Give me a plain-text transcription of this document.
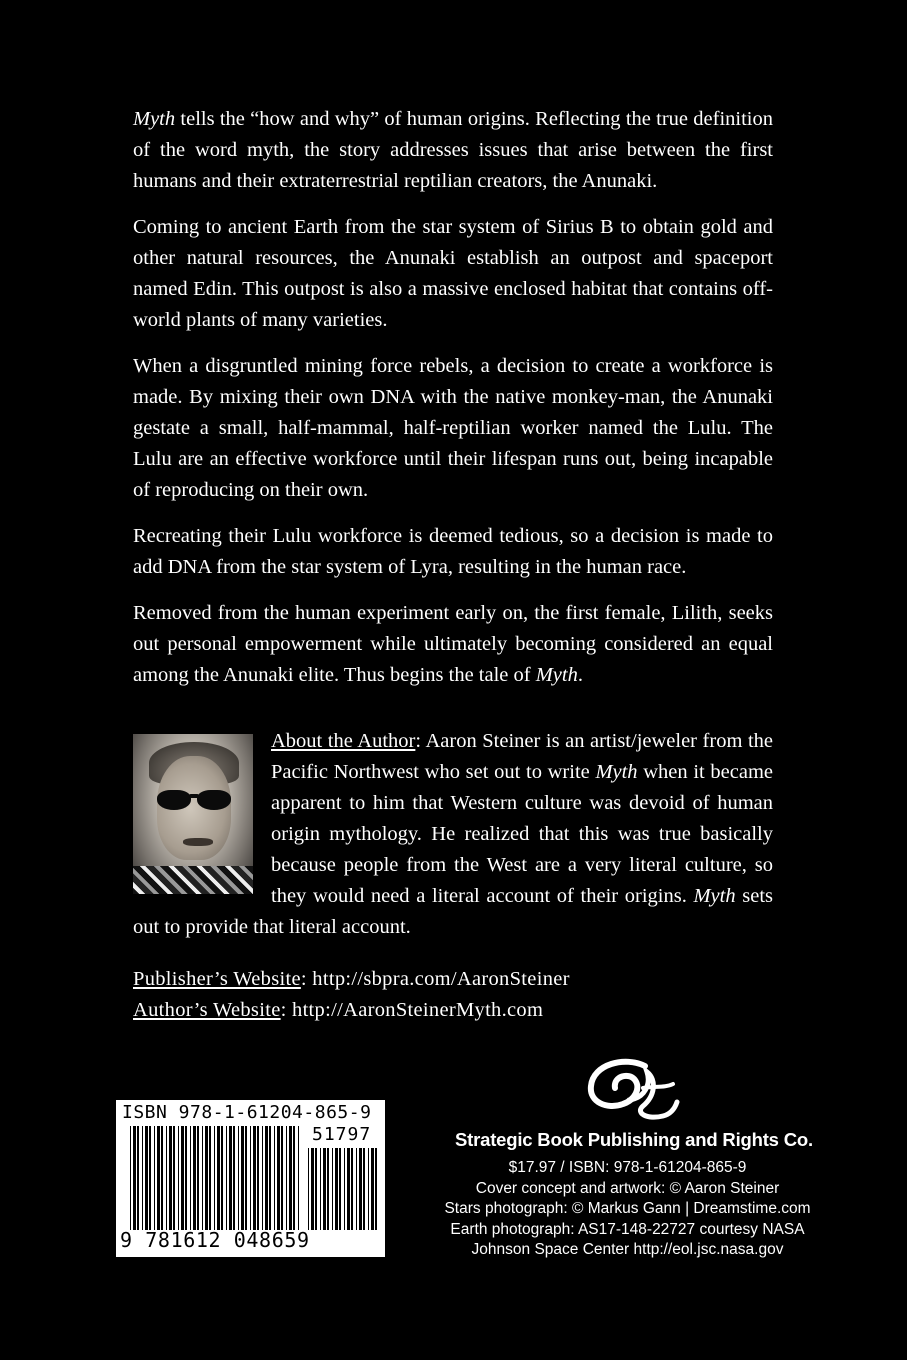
Myth tells the “how and why” of human origins. Reflecting the true definition of the word myth, the story addresses issues that arise between the first humans and their extraterrestrial reptilian creators, the Anunaki.

Coming to ancient Earth from the star system of Sirius B to obtain gold and other natural resources, the Anunaki establish an outpost and spaceport named Edin. This outpost is also a massive enclosed habitat that contains off-world plants of many varieties.

When a disgruntled mining force rebels, a decision to create a workforce is made. By mixing their own DNA with the native monkey-man, the Anunaki gestate a small, half-mammal, half-reptilian worker named the Lulu. The Lulu are an effective workforce until their lifespan runs out, being incapable of reproducing on their own.

Recreating their Lulu workforce is deemed tedious, so a decision is made to add DNA from the star system of Lyra, resulting in the human race.

Removed from the human experiment early on, the first female, Lilith, seeks out personal empowerment while ultimately becoming considered an equal among the Anunaki elite. Thus begins the tale of Myth.

About the Author: Aaron Steiner is an artist/jeweler from the Pacific Northwest who set out to write Myth when it became apparent to him that Western culture was devoid of human origin mythology. He realized that this was true basically because people from the West are a very literal culture, so they would need a literal account of their origins. Myth sets out to provide that literal account.
Publisher’s Website: http://sbpra.com/AaronSteiner
Author’s Website: http://AaronSteinerMyth.com
ISBN 978-1-61204-865-9
51797
9 781612 048659
Strategic Book Publishing and Rights Co.
$17.97 / ISBN: 978-1-61204-865-9
Cover concept and artwork: © Aaron Steiner
Stars photograph: © Markus Gann | Dreamstime.com
Earth photograph: AS17-148-22727 courtesy NASA
Johnson Space Center http://eol.jsc.nasa.gov
